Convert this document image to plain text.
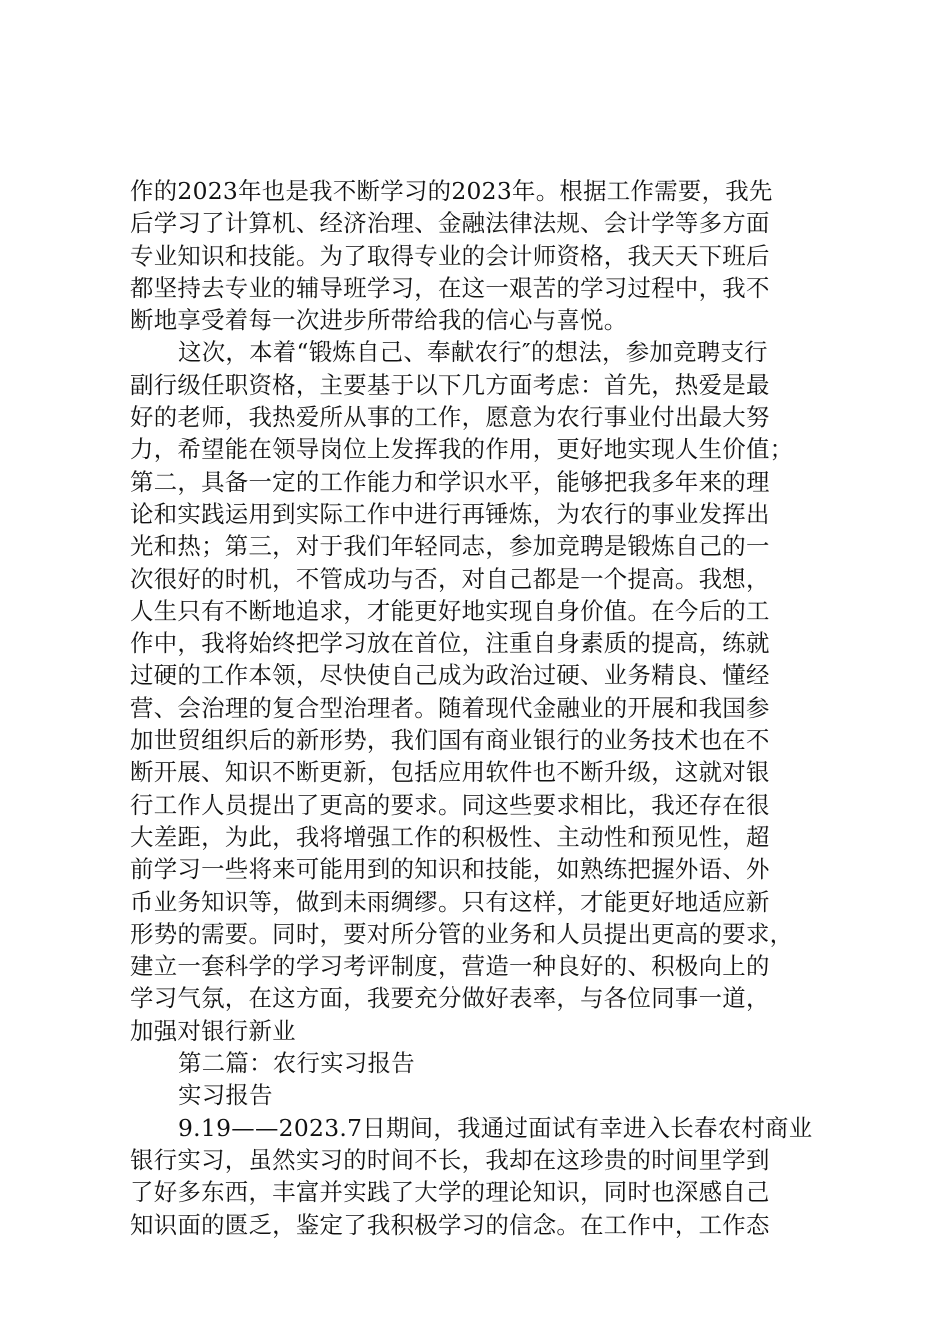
作的2023年也是我不断学习的2023年。根据工作需要，我先
后学习了计算机、经济治理、金融法律法规、会计学等多方面
专业知识和技能。为了取得专业的会计师资格，我天天下班后
都坚持去专业的辅导班学习，在这一艰苦的学习过程中，我不
断地享受着每一次进步所带给我的信心与喜悦。
这次，本着“锻炼自己、奉献农行″的想法，参加竞聘支行
副行级任职资格，主要基于以下几方面考虑：首先，热爱是最
好的老师，我热爱所从事的工作，愿意为农行事业付出最大努
力，希望能在领导岗位上发挥我的作用，更好地实现人生价值；
第二，具备一定的工作能力和学识水平，能够把我多年来的理
论和实践运用到实际工作中进行再锤炼，为农行的事业发挥出
光和热；第三，对于我们年轻同志，参加竞聘是锻炼自己的一
次很好的时机，不管成功与否，对自己都是一个提高。我想，
人生只有不断地追求，才能更好地实现自身价值。在今后的工
作中，我将始终把学习放在首位，注重自身素质的提高，练就
过硬的工作本领，尽快使自己成为政治过硬、业务精良、懂经
营、会治理的复合型治理者。随着现代金融业的开展和我国参
加世贸组织后的新形势，我们国有商业银行的业务技术也在不
断开展、知识不断更新，包括应用软件也不断升级，这就对银
行工作人员提出了更高的要求。同这些要求相比，我还存在很
大差距，为此，我将增强工作的积极性、主动性和预见性，超
前学习一些将来可能用到的知识和技能，如熟练把握外语、外
币业务知识等，做到未雨绸缪。只有这样，才能更好地适应新
形势的需要。同时，要对所分管的业务和人员提出更高的要求，
建立一套科学的学习考评制度，营造一种良好的、积极向上的
学习气氛，在这方面，我要充分做好表率，与各位同事一道，
加强对银行新业
第二篇：农行实习报告
实习报告
9.19——2023.7日期间，我通过面试有幸进入长春农村商业
银行实习，虽然实习的时间不长，我却在这珍贵的时间里学到
了好多东西，丰富并实践了大学的理论知识，同时也深感自己
知识面的匮乏，鉴定了我积极学习的信念。在工作中，工作态
